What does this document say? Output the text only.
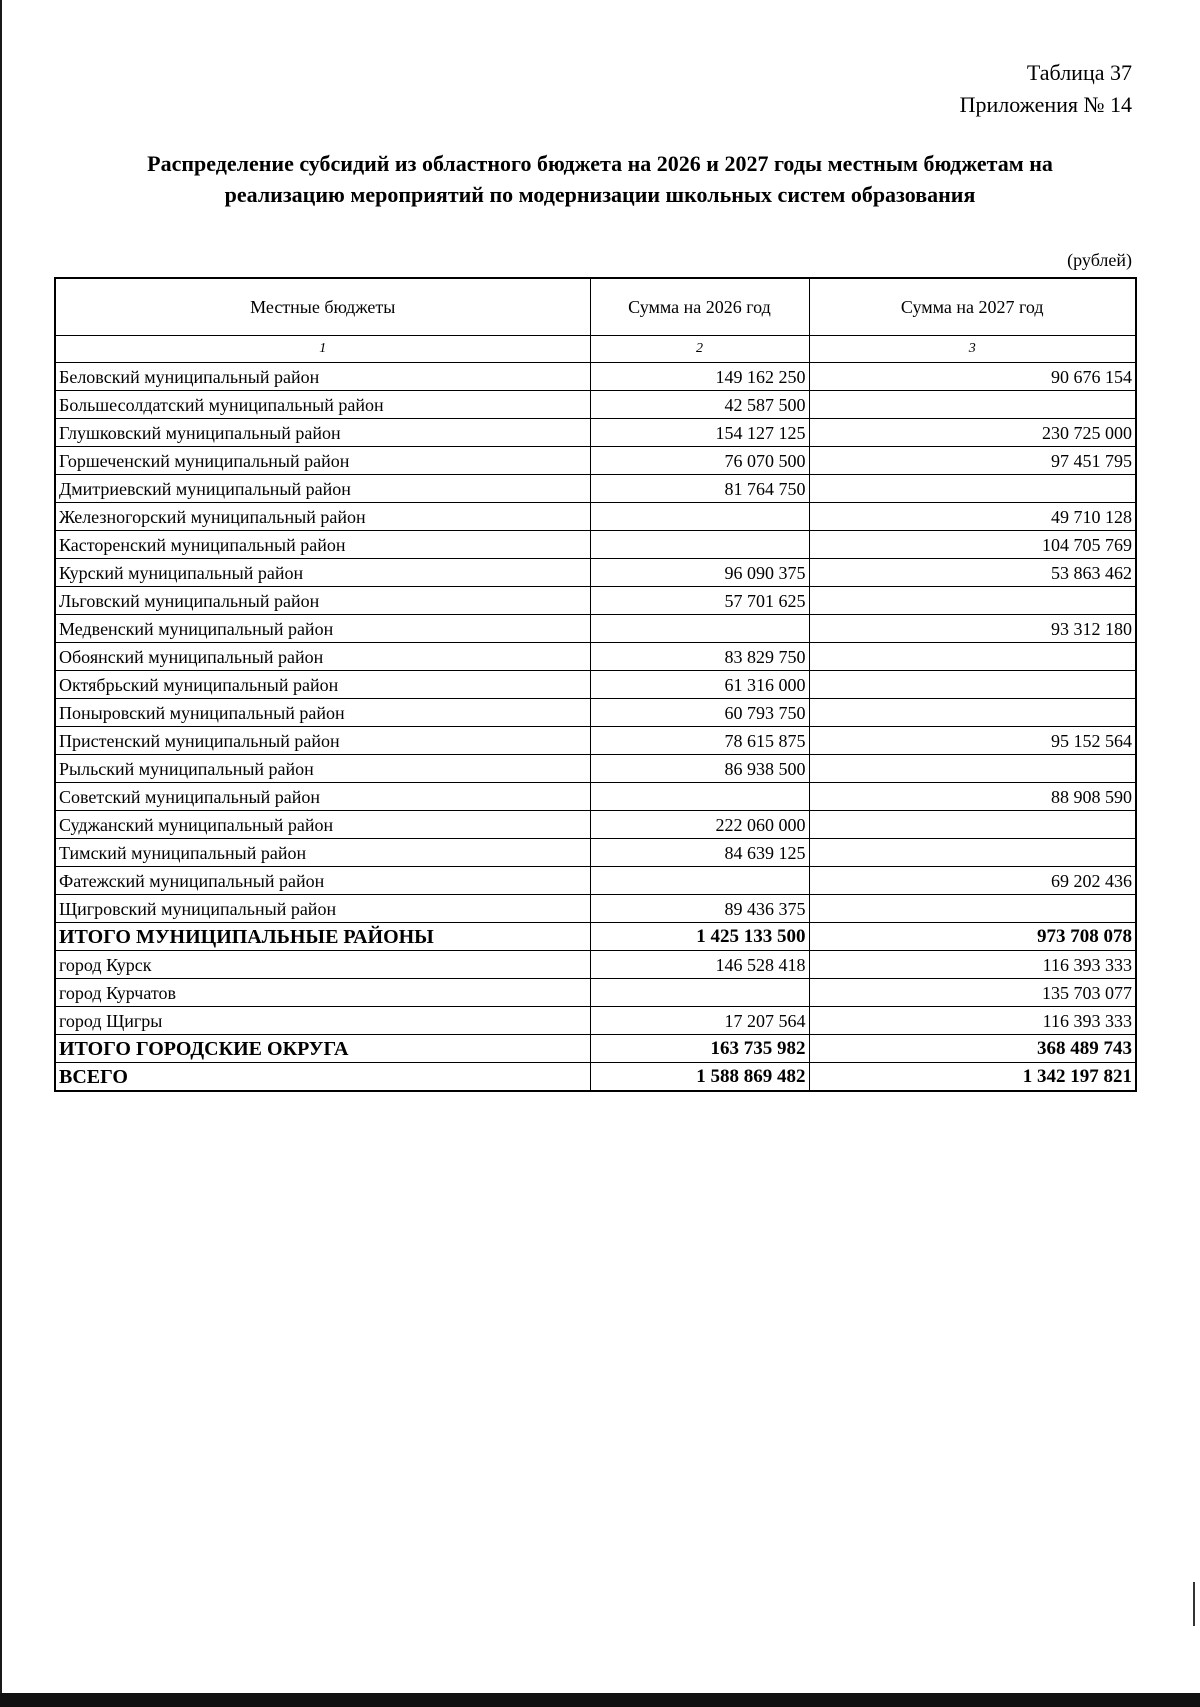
Таблица 37
Приложения № 14
Распределение субсидий из областного бюджета на 2026 и 2027 годы местным бюджетам на
реализацию мероприятий по модернизации школьных систем образования
(рублей)
Местные бюджеты	Сумма на 2026 год	Сумма на 2027 год
1	2	3
Беловский муниципальный район	149 162 250	90 676 154
Большесолдатский муниципальный район	42 587 500	
Глушковский муниципальный район	154 127 125	230 725 000
Горшеченский муниципальный район	76 070 500	97 451 795
Дмитриевский муниципальный район	81 764 750	
Железногорский муниципальный район		49 710 128
Касторенский муниципальный район		104 705 769
Курский муниципальный район	96 090 375	53 863 462
Льговский муниципальный район	57 701 625	
Медвенский муниципальный район		93 312 180
Обоянский муниципальный район	83 829 750	
Октябрьский муниципальный район	61 316 000	
Поныровский муниципальный район	60 793 750	
Пристенский муниципальный район	78 615 875	95 152 564
Рыльский муниципальный район	86 938 500	
Советский муниципальный район		88 908 590
Суджанский муниципальный район	222 060 000	
Тимский муниципальный район	84 639 125	
Фатежский муниципальный район		69 202 436
Щигровский муниципальный район	89 436 375	
ИТОГО МУНИЦИПАЛЬНЫЕ РАЙОНЫ	1 425 133 500	973 708 078
город Курск	146 528 418	116 393 333
город Курчатов		135 703 077
город Щигры	17 207 564	116 393 333
ИТОГО ГОРОДСКИЕ ОКРУГА	163 735 982	368 489 743
ВСЕГО	1 588 869 482	1 342 197 821
